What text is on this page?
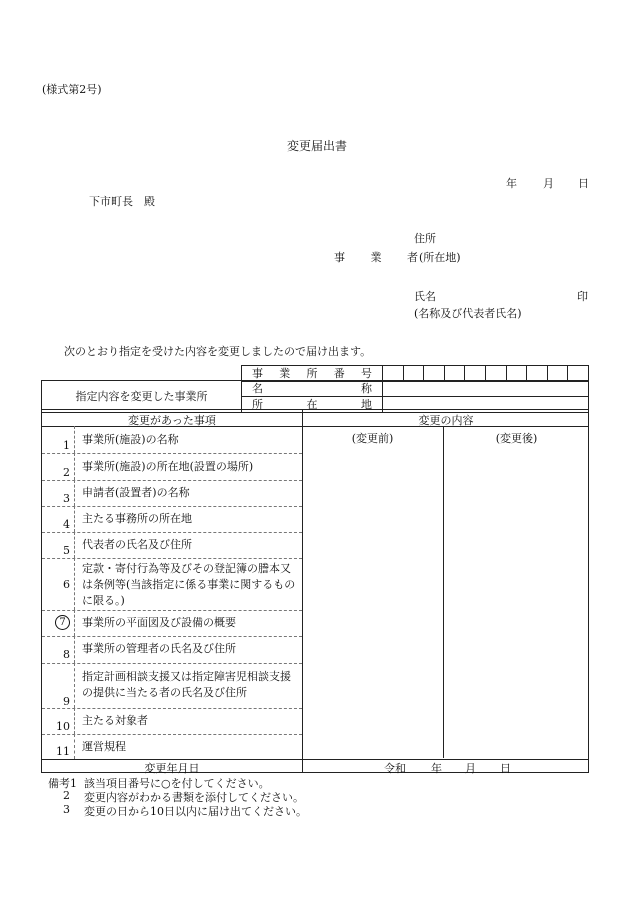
(様式第2号)
変更届出書
年 月 日
下市町長　殿
住所
事 業 者 (所在地)
氏名	印
(名称及び代表者氏名)
次のとおり指定を受けた内容を変更しましたので届け出ます。
事 業 所 番 号

指定内容を変更した事業所	名 称	

	所 在 地	

変更があった事項	変更の内容
(変更前)	(変更後)
1 事業所(施設)の名称
2 事業所(施設)の所在地(設置の場所)
3 申請者(設置者)の名称
4 主たる事務所の所在地
5 代表者の氏名及び住所
6
定款・寄付行為等及びその登記簿の謄本又は条例等(当該指定に係る事業に関するものに限る。)
7	事業所の平面図及び設備の概要
8 事業所の管理者の氏名及び住所
9
指定計画相談支援又は指定障害児相談支援の提供に当たる者の氏名及び住所
10 主たる対象者
11 運営規程
変更年月日	令和 年 月 日
備考1 該当項目番号に○を付してください。
2 変更内容がわかる書類を添付してください。
3 変更の日から10日以内に届け出てください。
